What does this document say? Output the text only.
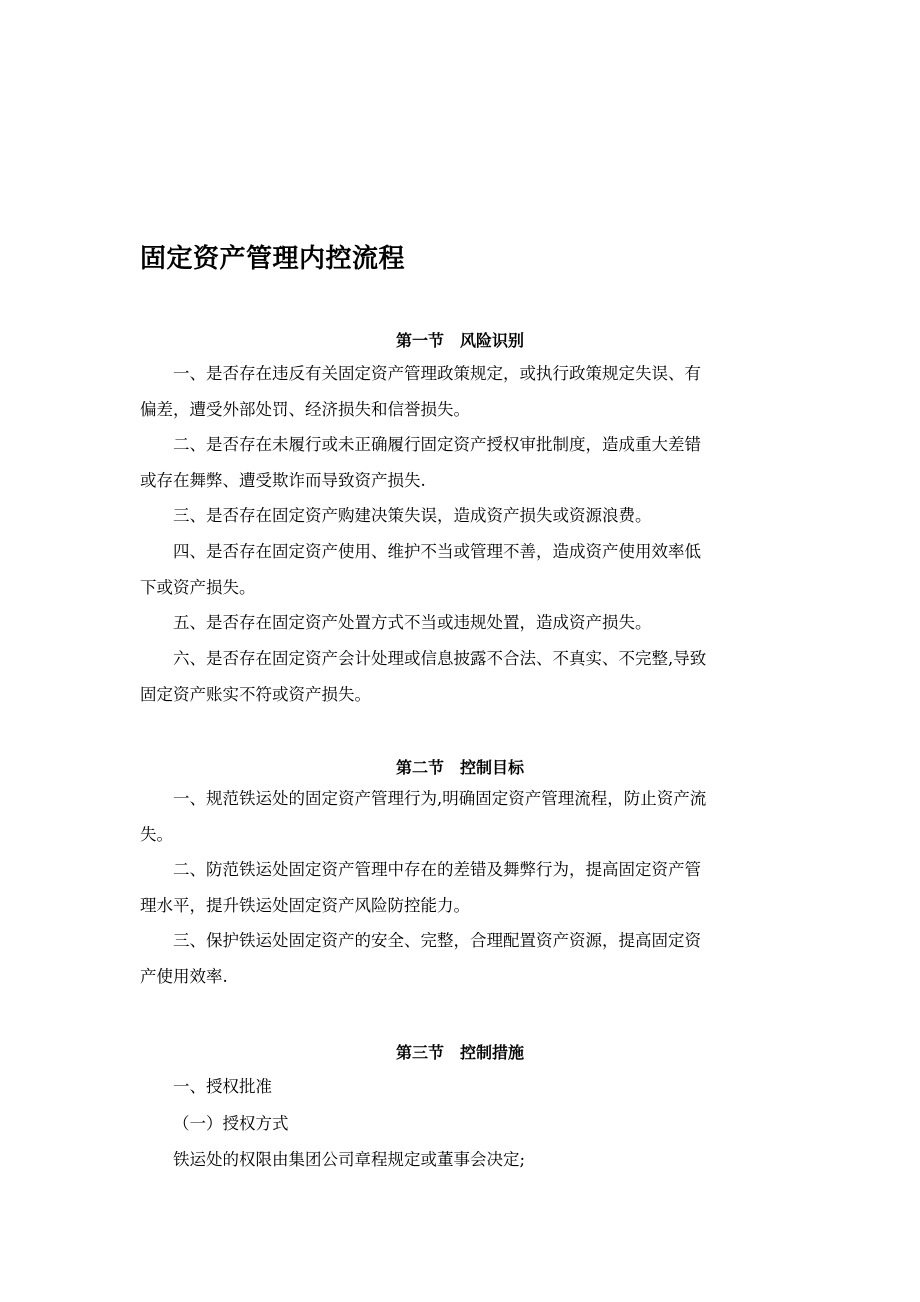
固定资产管理内控流程
第一节　风险识别
一、是否存在违反有关固定资产管理政策规定，或执行政策规定失误、有
偏差，遭受外部处罚、经济损失和信誉损失。
二、是否存在未履行或未正确履行固定资产授权审批制度，造成重大差错
或存在舞弊、遭受欺诈而导致资产损失.
三、是否存在固定资产购建决策失误，造成资产损失或资源浪费。
四、是否存在固定资产使用、维护不当或管理不善，造成资产使用效率低
下或资产损失。
五、是否存在固定资产处置方式不当或违规处置，造成资产损失。
六、是否存在固定资产会计处理或信息披露不合法、不真实、不完整,导致
固定资产账实不符或资产损失。
第二节　控制目标
一、规范铁运处的固定资产管理行为,明确固定资产管理流程，防止资产流
失。
二、防范铁运处固定资产管理中存在的差错及舞弊行为，提高固定资产管
理水平，提升铁运处固定资产风险防控能力。
三、保护铁运处固定资产的安全、完整，合理配置资产资源，提高固定资
产使用效率.
第三节　控制措施
一、授权批准
（一）授权方式
铁运处的权限由集团公司章程规定或董事会决定;
